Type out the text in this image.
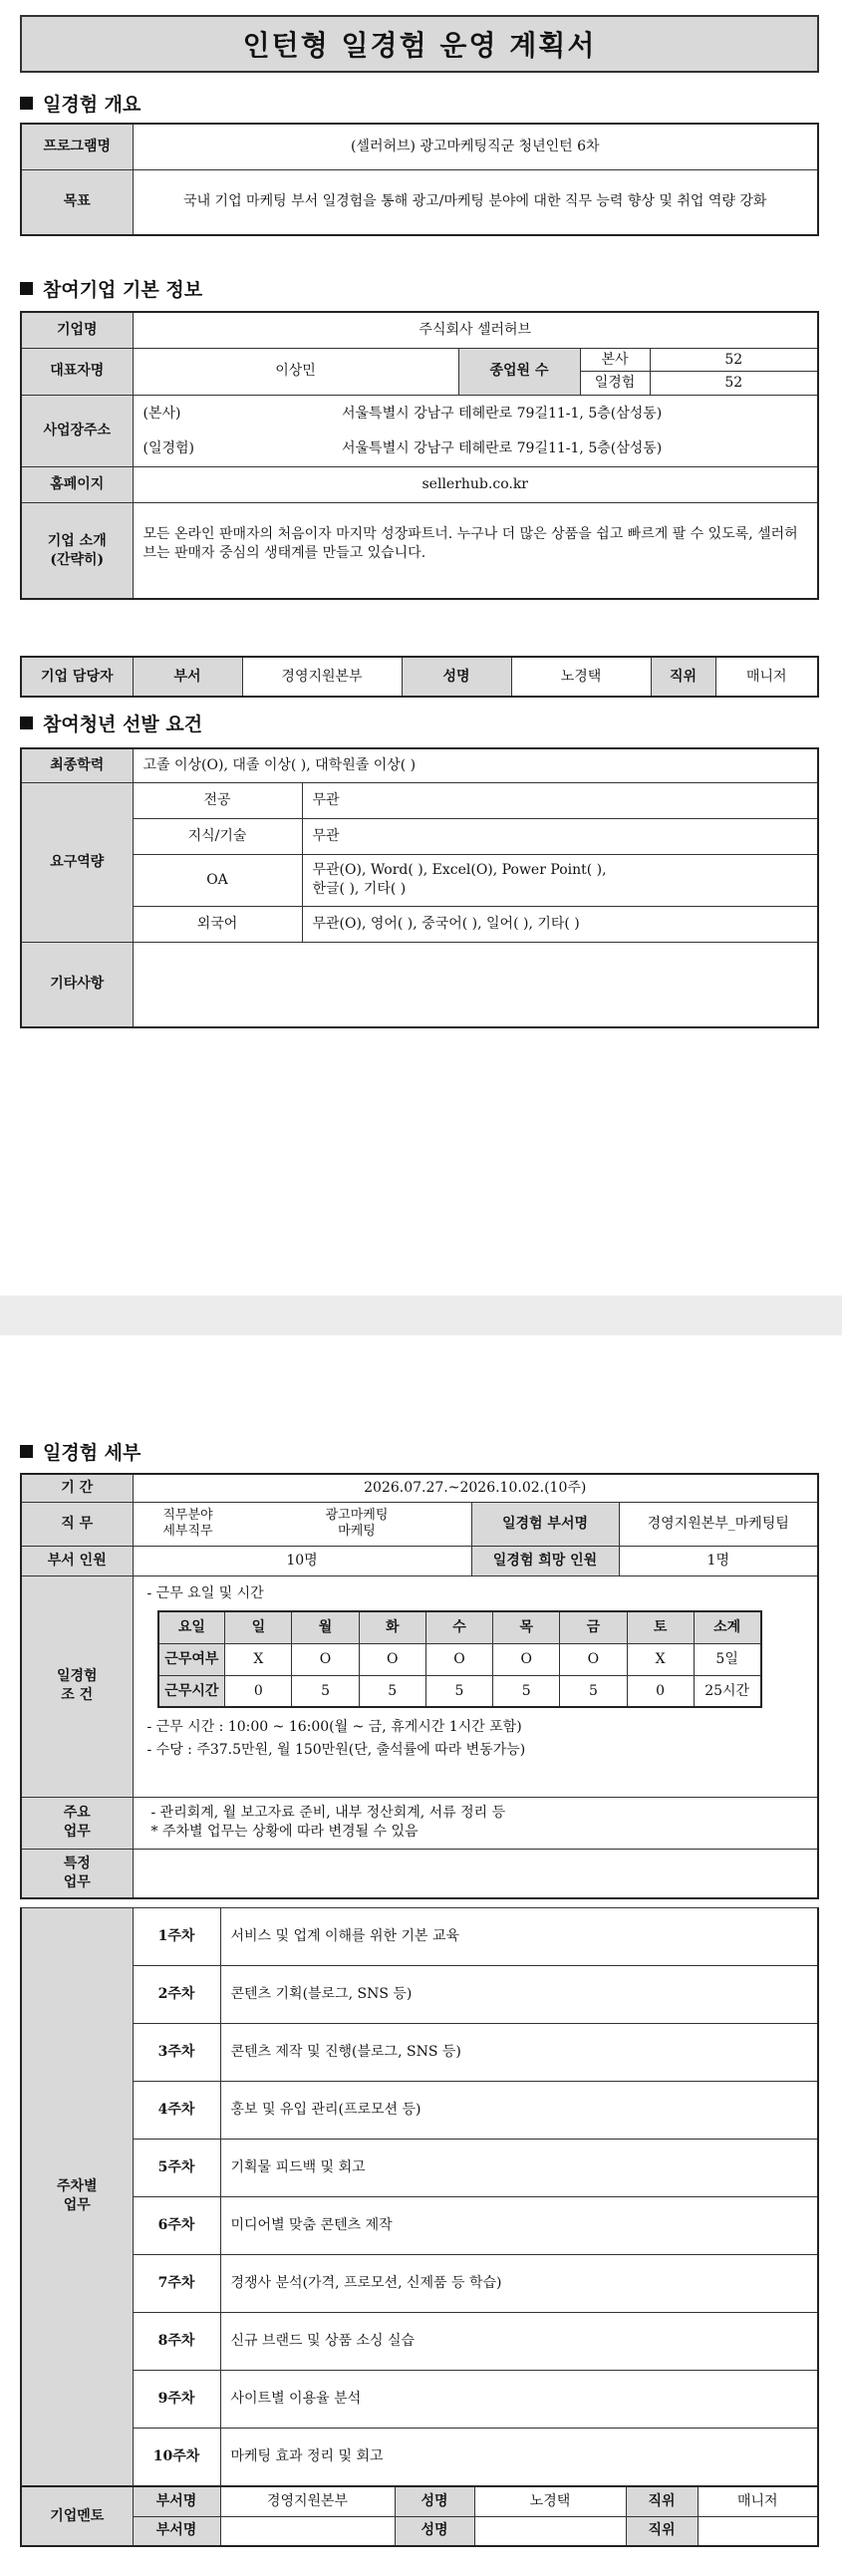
인턴형 일경험 운영 계획서
일경험 개요
프로그램명	(셀러허브) 광고마케팅직군 청년인턴 6차
목표	국내 기업 마케팅 부서 일경험을 통해 광고/마케팅 분야에 대한 직무 능력 향상 및 취업 역량 강화
참여기업 기본 정보
기업명	주식회사 셀러허브				
대표자명	이상민		종업원 수	본사	52
				일경험	52
사업장주소	(본사)	서울특별시 강남구 테헤란로 79길11-1, 5층(삼성동)			
	(일경험)	서울특별시 강남구 테헤란로 79길11-1, 5층(삼성동)			
홈페이지	sellerhub.co.kr				
기업 소개
(간략히)	모든 온라인 판매자의 처음이자 마지막 성장파트너. 누구나 더 많은 상품을 쉽고 빠르게 팔 수 있도록, 셀러허브는 판매자 중심의 생태계를 만들고 있습니다.				
기업 담당자	부서	경영지원본부	성명	노경택	직위	매니저
참여청년 선발 요건
최종학력	고졸 이상(O), 대졸 이상( ), 대학원졸 이상( )	
요구역량	전공	무관
	지식/기술	무관
	OA	무관(O), Word( ), Excel(O), Power Point( ),
한글( ), 기타( )
	외국어	무관(O), 영어( ), 중국어( ), 일어( ), 기타( )
기타사항		
일경험 세부
기 간	2026.07.27.~2026.10.02.(10주)
직 무	
직무분야	광고마케팅
세부직무	마케팅	일경험 부서명	경영지원본부_마케팅팀
부서 인원	10명	일경험 희망 인원	1명
일경험
조 건	
- 근무 요일 및 시간
요일	일	월	화	수	목	금	토	소계
근무여부	X	O	O	O	O	O	X	5일
근무시간	0	5	5	5	5	5	0	25시간
- 근무 시간 : 10:00 ~ 16:00(월 ~ 금, 휴게시간 1시간 포함)
- 수당 : 주37.5만원, 월 150만원(단, 출석률에 따라 변동가능)

주요
업무	
- 관리회계, 월 보고자료 준비, 내부 정산회계, 서류 정리 등
* 주차별 업무는 상황에 따라 변경될 수 있음

특정
업무	
주차별
업무	1주차	서비스 및 업계 이해를 위한 기본 교육
	2주차	콘텐츠 기획(블로그, SNS 등)
	3주차	콘텐츠 제작 및 진행(블로그, SNS 등)
	4주차	홍보 및 유입 관리(프로모션 등)
	5주차	기획물 피드백 및 회고
	6주차	미디어별 맞춤 콘텐츠 제작
	7주차	경쟁사 분석(가격, 프로모션, 신제품 등 학습)
	8주차	신규 브랜드 및 상품 소싱 실습
	9주차	사이트별 이용율 분석
	10주차	마케팅 효과 정리 및 회고
기업멘토	부서명	경영지원본부	성명	노경택	직위	매니저
	부서명		성명		직위	
